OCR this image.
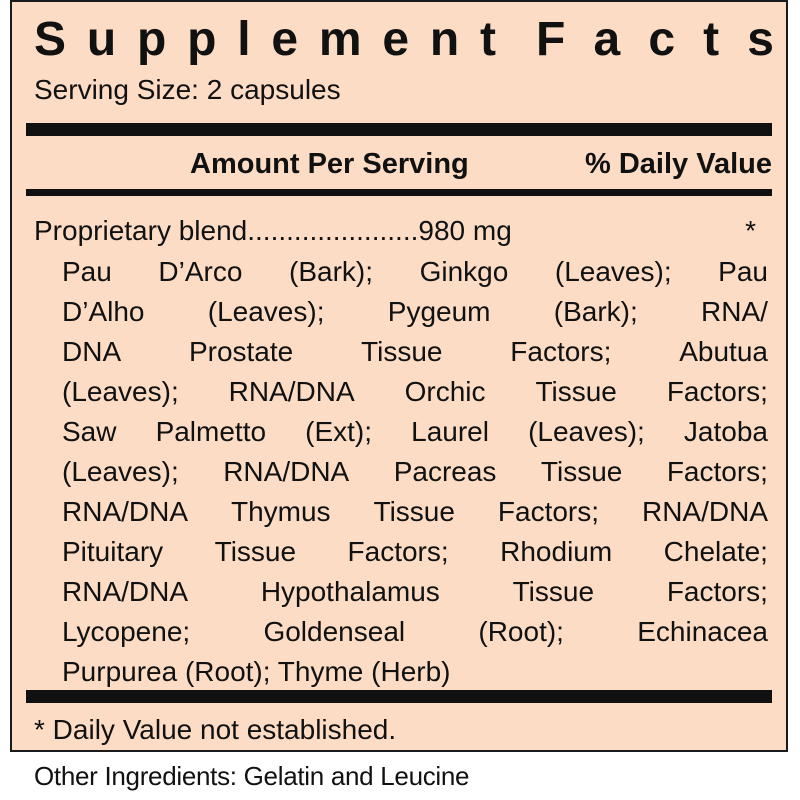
S u p p l e m e n t F a c t s
Serving Size: 2 capsules
Amount Per Serving	% Daily Value
Proprietary blend......................980 mg	*
Pau D’Arco (Bark); Ginkgo (Leaves); Pau
D’Alho (Leaves); Pygeum (Bark); RNA/
DNA Prostate Tissue Factors; Abutua
(Leaves); RNA/DNA Orchic Tissue Factors;
Saw Palmetto (Ext); Laurel (Leaves); Jatoba
(Leaves); RNA/DNA Pacreas Tissue Factors;
RNA/DNA Thymus Tissue Factors; RNA/DNA
Pituitary Tissue Factors; Rhodium Chelate;
RNA/DNA	Hypothalamus	Tissue	Factors;
Lycopene;	Goldenseal	(Root);	Echinacea
Purpurea (Root); Thyme (Herb)
* Daily Value not established.
Other Ingredients: Gelatin and Leucine
